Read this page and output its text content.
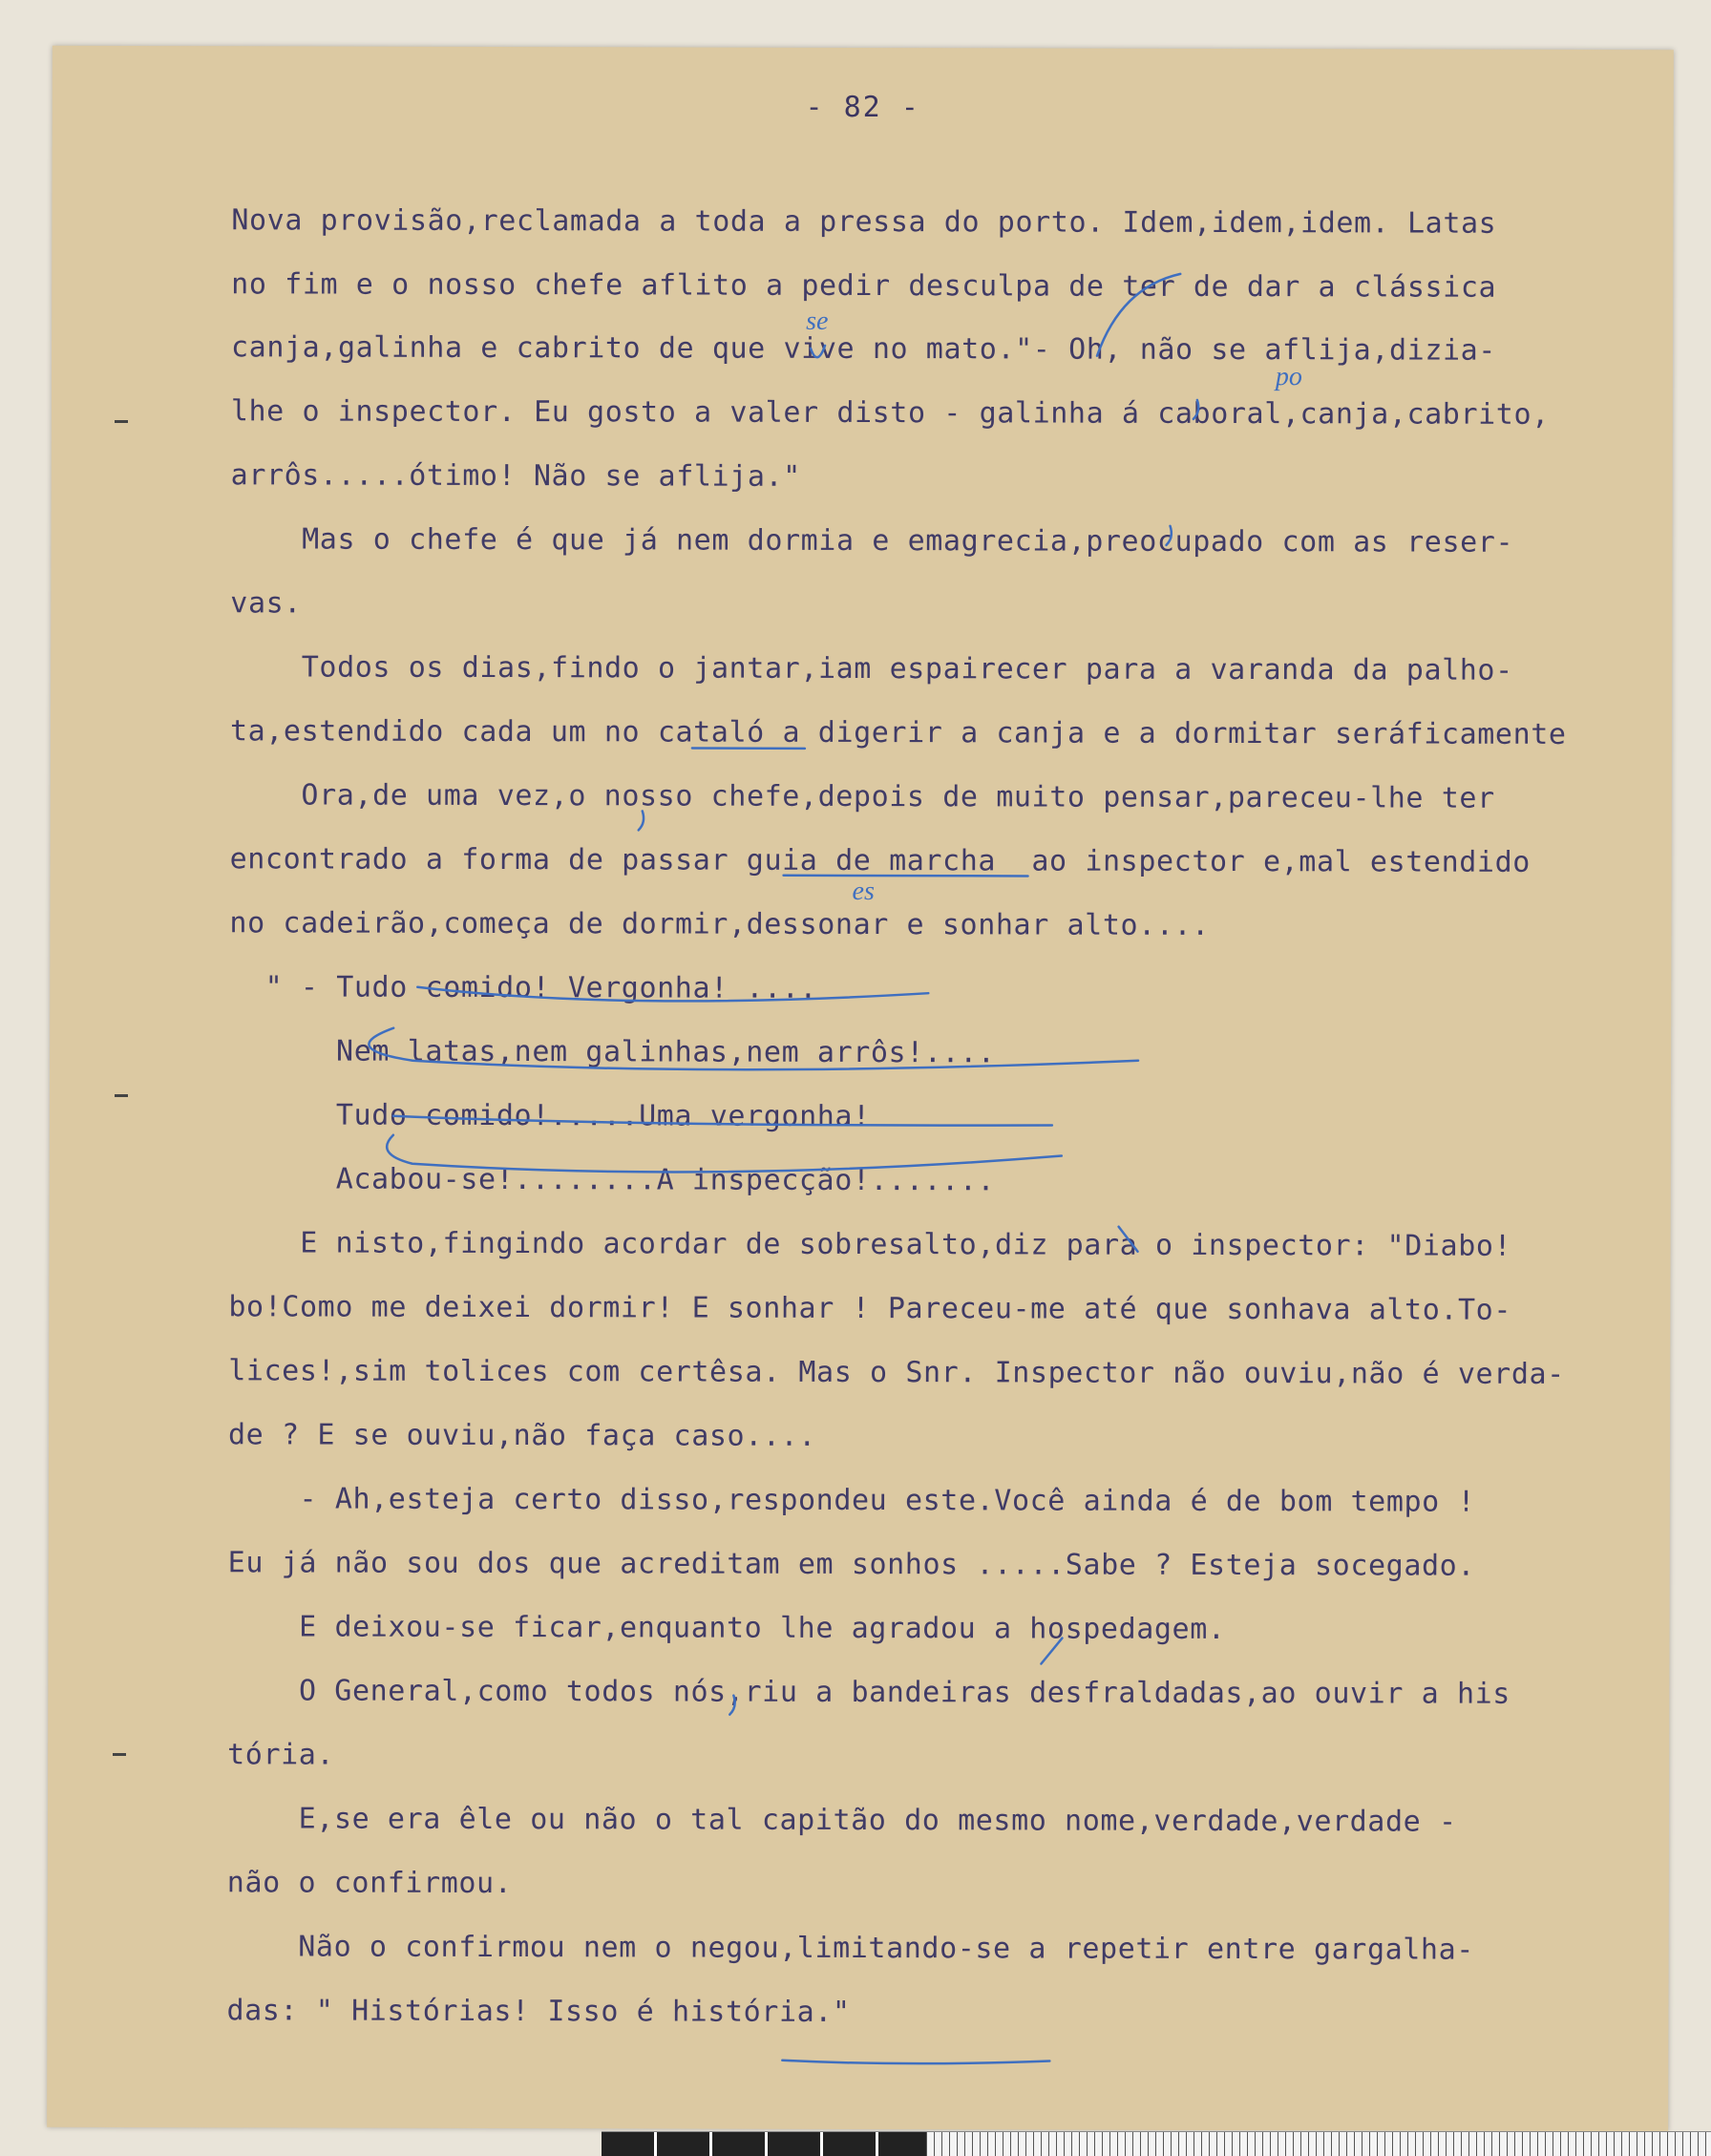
- 82 -
Nova provisão,reclamada a toda a pressa do porto. Idem,idem,idem. Latas
no fim e o nosso chefe aflito a pedir desculpa de ter de dar a clássica
canja,galinha e cabrito de que vive no mato."- Oh, não se aflija,dizia-
lhe o inspector. Eu gosto a valer disto - galinha á caboral,canja,cabrito,
arrôs.....ótimo! Não se aflija."
Mas o chefe é que já nem dormia e emagrecia,preocupado com as reser-
vas.
Todos os dias,findo o jantar,iam espairecer para a varanda da palho-
ta,estendido cada um no cataló a digerir a canja e a dormitar seráficamente
Ora,de uma vez,o nosso chefe,depois de muito pensar,pareceu-lhe ter
encontrado a forma de passar guia de marcha  ao inspector e,mal estendido
no cadeirão,começa de dormir,dessonar e sonhar alto....
" - Tudo comido! Vergonha! ....
Nem latas,nem galinhas,nem arrôs!....
Tudo comido!.....Uma vergonha!
Acabou-se!........A inspecção!.......
E nisto,fingindo acordar de sobresalto,diz para o inspector: "Diabo!
bo!Como me deixei dormir! E sonhar ! Pareceu-me até que sonhava alto.To-
lices!,sim tolices com certêsa. Mas o Snr. Inspector não ouviu,não é verda-
de ? E se ouviu,não faça caso....
- Ah,esteja certo disso,respondeu este.Você ainda é de bom tempo !
Eu já não sou dos que acreditam em sonhos .....Sabe ? Esteja socegado.
E deixou-se ficar,enquanto lhe agradou a hospedagem.
O General,como todos nós,riu a bandeiras desfraldadas,ao ouvir a his
tória.
E,se era êle ou não o tal capitão do mesmo nome,verdade,verdade -
não o confirmou.
Não o confirmou nem o negou,limitando-se a repetir entre gargalha-
das: " Histórias! Isso é história."
se
po
es
